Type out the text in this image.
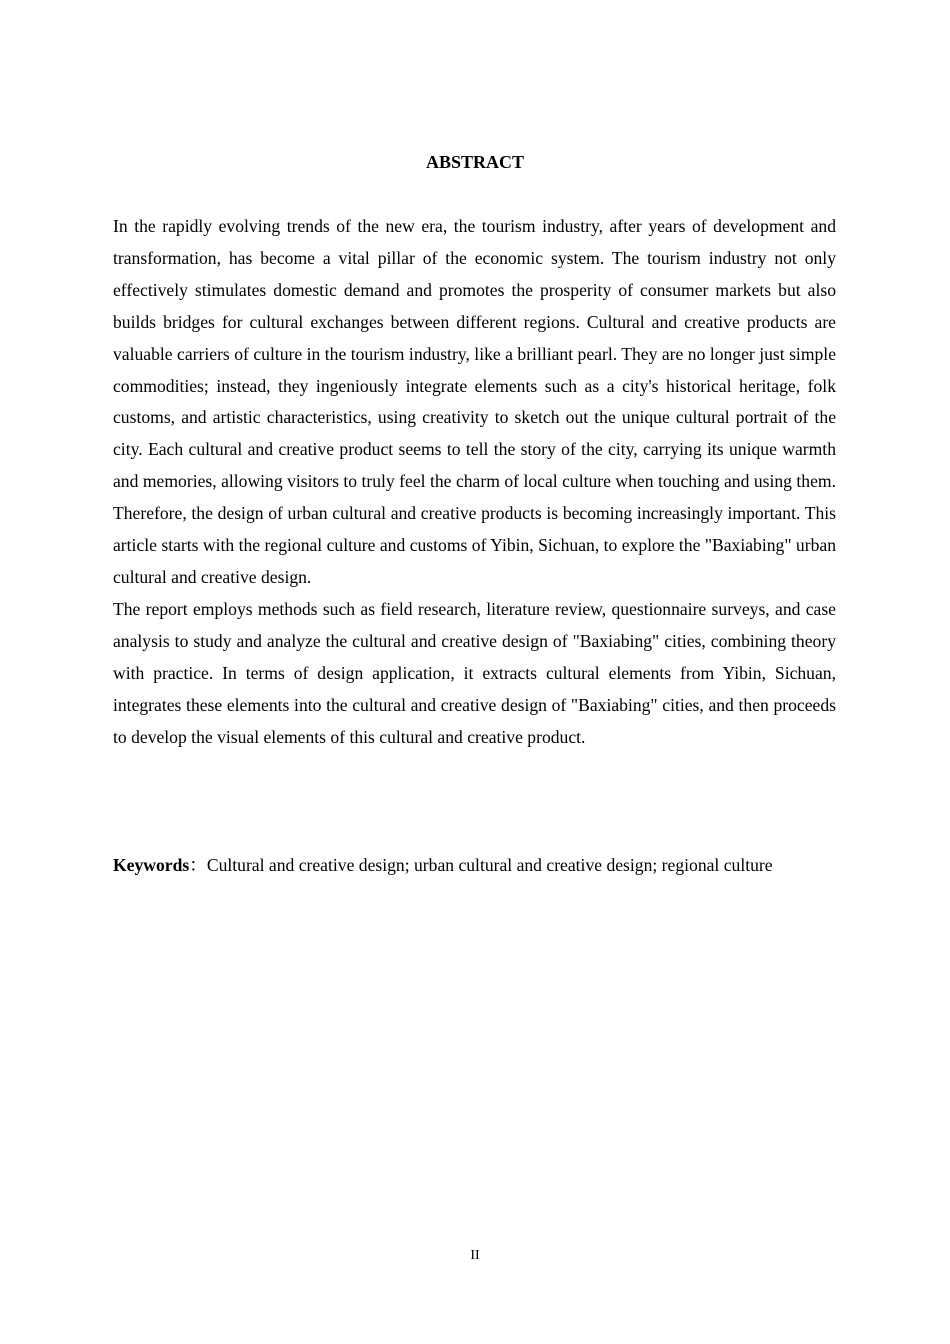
ABSTRACT

In the rapidly evolving trends of the new era, the tourism industry, after years of development and transformation, has become a vital pillar of the economic system. The tourism industry not only effectively stimulates domestic demand and promotes the prosperity of consumer markets but also builds bridges for cultural exchanges between different regions. Cultural and creative products are valuable carriers of culture in the tourism industry, like a brilliant pearl. They are no longer just simple commodities; instead, they ingeniously integrate elements such as a city's historical heritage, folk customs, and artistic characteristics, using creativity to sketch out the unique cultural portrait of the city. Each cultural and creative product seems to tell the story of the city, carrying its unique warmth and memories, allowing visitors to truly feel the charm of local culture when touching and using them. Therefore, the design of urban cultural and creative products is becoming increasingly important. This article starts with the regional culture and customs of Yibin, Sichuan, to explore the "Baxiabing" urban cultural and creative design.

The report employs methods such as field research, literature review, questionnaire surveys, and case analysis to study and analyze the cultural and creative design of "Baxiabing" cities, combining theory with practice. In terms of design application, it extracts cultural elements from Yibin, Sichuan, integrates these elements into the cultural and creative design of "Baxiabing" cities, and then proceeds to develop the visual elements of this cultural and creative product.

Keywords：Cultural and creative design; urban cultural and creative design; regional culture

II
